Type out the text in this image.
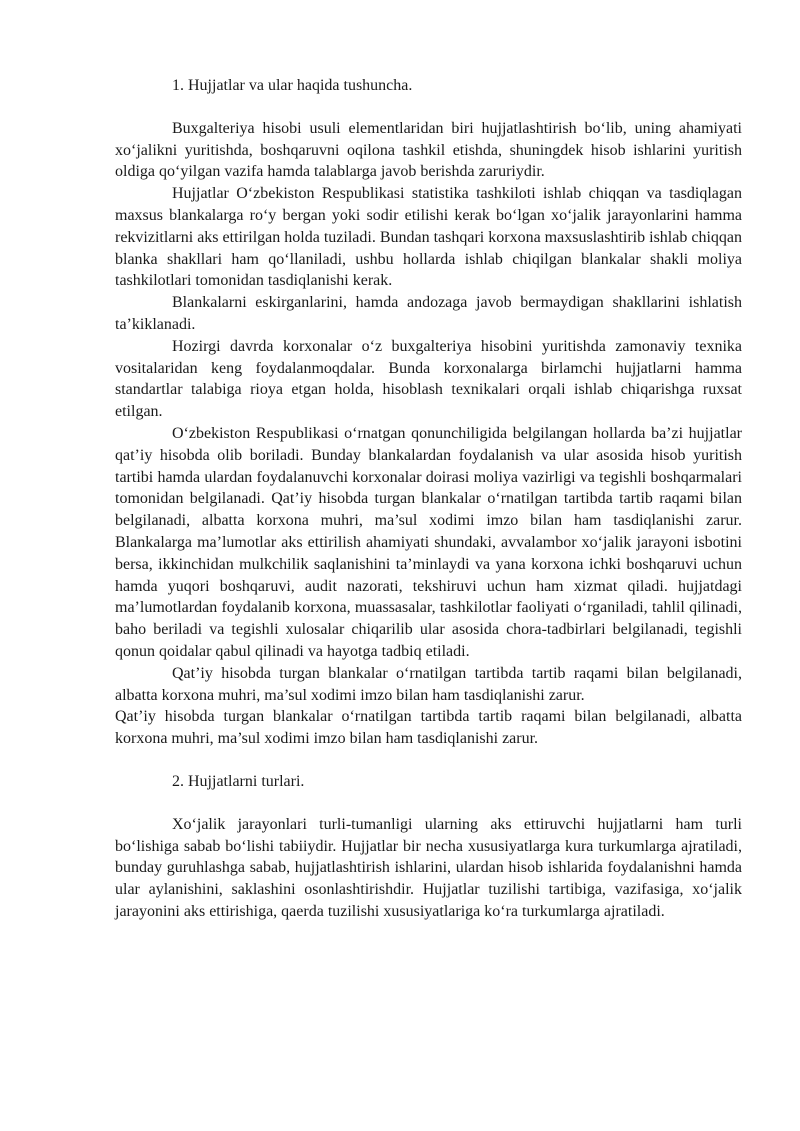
1. Hujjatlar va ular haqida tushuncha.

Buxgalteriya hisobi usuli elementlaridan biri hujjatlashtirish bo‘lib, uning ahamiyati xo‘jalikni yuritishda, boshqaruvni oqilona tashkil etishda, shuningdek hisob ishlarini yuritish oldiga qo‘yilgan vazifa hamda talablarga javob berishda zaruriydir.

Hujjatlar O‘zbekiston Respublikasi statistika tashkiloti ishlab chiqqan va tasdiqlagan maxsus blankalarga ro‘y bergan yoki sodir etilishi kerak bo‘lgan xo‘jalik jarayonlarini hamma rekvizitlarni aks ettirilgan holda tuziladi. Bundan tashqari korxona maxsuslashtirib ishlab chiqqan blanka shakllari ham qo‘llaniladi, ushbu hollarda ishlab chiqilgan blankalar shakli moliya tashkilotlari tomonidan tasdiqlanishi kerak.

Blankalarni eskirganlarini, hamda andozaga javob bermaydigan shakllarini ishlatish ta’kiklanadi.

Hozirgi davrda korxonalar o‘z buxgalteriya hisobini yuritishda zamonaviy texnika vositalaridan keng foydalanmoqdalar. Bunda korxonalarga birlamchi hujjatlarni hamma standartlar talabiga rioya etgan holda, hisoblash texnikalari orqali ishlab chiqarishga ruxsat etilgan.

O‘zbekiston Respublikasi o‘rnatgan qonunchiligida belgilangan hollarda ba’zi hujjatlar qat’iy hisobda olib boriladi. Bunday blankalardan foydalanish va ular asosida hisob yuritish tartibi hamda ulardan foydalanuvchi korxonalar doirasi moliya vazirligi va tegishli boshqarmalari tomonidan belgilanadi. Qat’iy hisobda turgan blankalar o‘rnatilgan tartibda tartib raqami bilan belgilanadi, albatta korxona muhri, ma’sul xodimi imzo bilan ham tasdiqlanishi zarur. Blankalarga ma’lumotlar aks ettirilish ahamiyati shundaki, avvalambor xo‘jalik jarayoni isbotini bersa, ikkinchidan mulkchilik saqlanishini ta’minlaydi va yana korxona ichki boshqaruvi uchun hamda yuqori boshqaruvi, audit nazorati, tekshiruvi uchun ham xizmat qiladi. hujjatdagi ma’lumotlardan foydalanib korxona, muassasalar, tashkilotlar faoliyati o‘rganiladi, tahlil qilinadi, baho beriladi va tegishli xulosalar chiqarilib ular asosida chora-tadbirlari belgilanadi, tegishli qonun qoidalar qabul qilinadi va hayotga tadbiq etiladi.

Qat’iy hisobda turgan blankalar o‘rnatilgan tartibda tartib raqami bilan belgilanadi, albatta korxona muhri, ma’sul xodimi imzo bilan ham tasdiqlanishi zarur.

Qat’iy hisobda turgan blankalar o‘rnatilgan tartibda tartib raqami bilan belgilanadi, albatta korxona muhri, ma’sul xodimi imzo bilan ham tasdiqlanishi zarur.

2. Hujjatlarni turlari.

Xo‘jalik jarayonlari turli-tumanligi ularning aks ettiruvchi hujjatlarni ham turli bo‘lishiga sabab bo‘lishi tabiiydir. Hujjatlar bir necha xususiyatlarga kura turkumlarga ajratiladi, bunday guruhlashga sabab, hujjatlashtirish ishlarini, ulardan hisob ishlarida foydalanishni hamda ular aylanishini, saklashini osonlashtirishdir. Hujjatlar tuzilishi tartibiga, vazifasiga, xo‘jalik jarayonini aks ettirishiga, qaerda tuzilishi xususiyatlariga ko‘ra turkumlarga ajratiladi.
